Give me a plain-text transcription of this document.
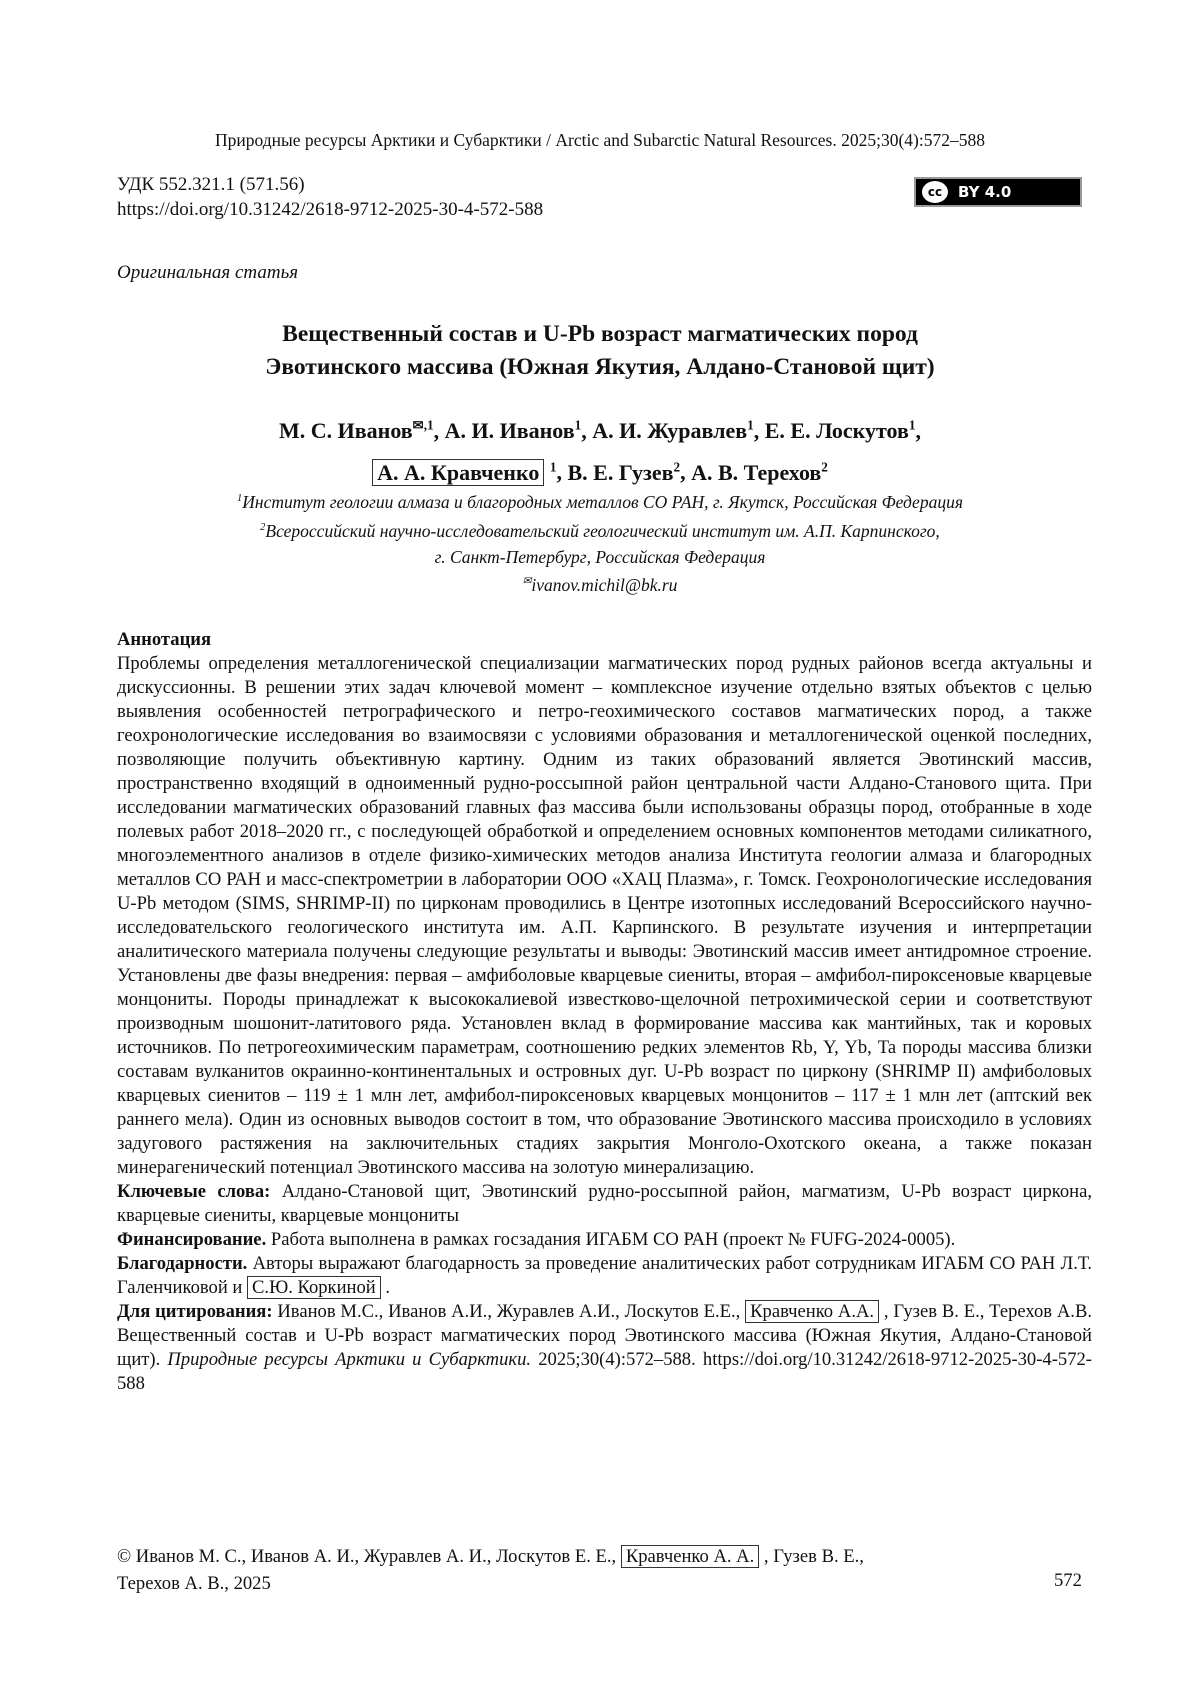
Природные ресурсы Арктики и Субарктики / Arctic and Subarctic Natural Resources. 2025;30(4):572–588
УДК 552.321.1 (571.56)
https://doi.org/10.31242/2618-9712-2025-30-4-572-588
cc	BY 4.0
Оригинальная статья
Вещественный состав и U-Pb возраст магматических пород
Эвотинского массива (Южная Якутия, Алдано-Становой щит)
М. С. Иванов$^{✉,1}$, А. И. Иванов$^1$, А. И. Журавлев$^1$, Е. Е. Лоскутов$^1$,
А. А. Кравченко $^1$, В. Е. Гузев$^2$, А. В. Терехов$^2$
$^1$Институт геологии алмаза и благородных металлов СО РАН, г. Якутск, Российская Федерация
$^2$Всероссийский научно-исследовательский геологический институт им. А.П. Карпинского,
г. Санкт-Петербург, Российская Федерация
✉ivanov.michil@bk.ru

Аннотация

Проблемы определения металлогенической специализации магматических пород рудных районов всегда актуальны и дискуссионны. В решении этих задач ключевой момент – комплексное изучение отдельно взятых объектов с целью выявления особенностей петрографического и петро-геохимического составов магматических пород, а также геохронологические исследования во взаимосвязи с условиями образования и металлогенической оценкой последних, позволяющие получить объективную картину. Одним из таких образований является Эвотинский массив, пространственно входящий в одноименный рудно-россыпной район центральной части Алдано-Станового щита. При исследовании магматических образований главных фаз массива были использованы образцы пород, отобранные в ходе полевых работ 2018–2020 гг., с последующей обработкой и определением основных компонентов методами силикатного, многоэлементного анализов в отделе физико-химических методов анализа Института геологии алмаза и благородных металлов СО РАН и масс-спектрометрии в лаборатории ООО «ХАЦ Плазма», г. Томск. Геохронологические исследования U-Pb методом (SIMS, SHRIMP-II) по цирконам проводились в Центре изотопных исследований Всероссийского научно-исследовательского геологического института им. А.П. Карпинского. В результате изучения и интерпретации аналитического материала получены следующие результаты и выводы: Эвотинский массив имеет антидромное строение. Установлены две фазы внедрения: первая – амфиболовые кварцевые сиениты, вторая – амфибол-пироксеновые кварцевые монцониты. Породы принадлежат к высококалиевой известково-щелочной петрохимической серии и соответствуют производным шошонит-латитового ряда. Установлен вклад в формирование массива как мантийных, так и коровых источников. По петрогеохимическим параметрам, соотношению редких элементов Rb, Y, Yb, Ta породы массива близки составам вулканитов окраинно-континентальных и островных дуг. U-Pb возраст по циркону (SHRIMP II) амфиболовых кварцевых сиенитов – 119 ± 1 млн лет, амфибол-пироксеновых кварцевых монцонитов – 117 ± 1 млн лет (аптский век раннего мела). Один из основных выводов состоит в том, что образование Эвотинского массива происходило в условиях задугового растяжения на заключительных стадиях закрытия Монголо-Охотского океана, а также показан минерагенический потенциал Эвотинского массива на золотую минерализацию.

Ключевые слова: Алдано-Становой щит, Эвотинский рудно-россыпной район, магматизм, U-Pb возраст циркона, кварцевые сиениты, кварцевые монцониты

Финансирование. Работа выполнена в рамках госзадания ИГАБМ СО РАН (проект № FUFG-2024-0005).

Благодарности. Авторы выражают благодарность за проведение аналитических работ сотрудникам ИГАБМ СО РАН Л.Т. Галенчиковой и С.Ю. Коркиной .

Для цитирования: Иванов М.С., Иванов А.И., Журавлев А.И., Лоскутов Е.Е., Кравченко А.А. , Гузев В. Е., Терехов А.В. Вещественный состав и U-Pb возраст магматических пород Эвотинского массива (Южная Якутия, Алдано-Становой щит). Природные ресурсы Арктики и Субарктики. 2025;30(4):572–588. https://doi.org/10.31242/2618-9712-2025-30-4-572-588

© Иванов М. С., Иванов А. И., Журавлев А. И., Лоскутов Е. Е., Кравченко А. А. , Гузев В. Е.,
Терехов А. В., 2025	572
